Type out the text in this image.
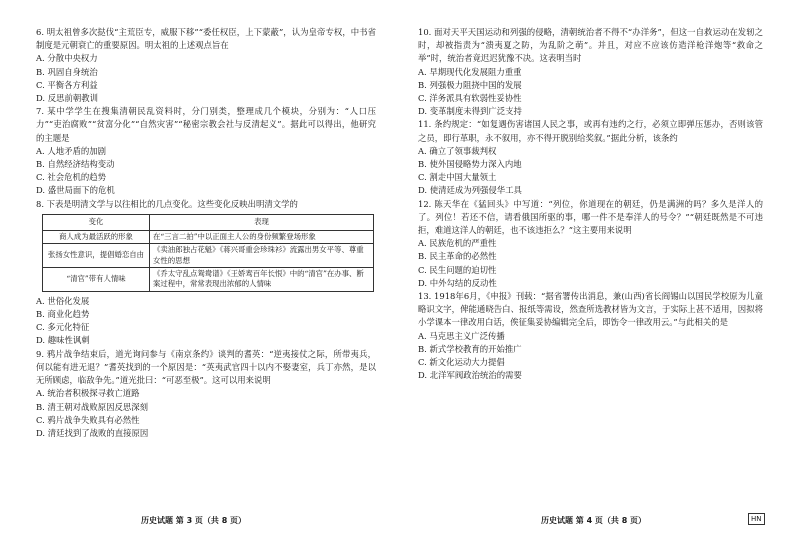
6. 明太祖曾多次挞伐“主荒臣专，威服下移”“委任权臣，上下蒙蔽”，认为皇帝专权，中书省制度是元朝衰亡的重要原因。明太祖的上述观点旨在

A. 分散中央权力

B. 巩固自身统治

C. 平衡各方利益

D. 反思前朝教训

7. 某中学学生在搜集清朝民乱资料时，分门别类，整理成几个模块，分别为：“人口压力”“吏治腐败”“贫富分化”“自然灾害”“秘密宗教会社与反清起义”。据此可以得出，他研究的主题是

A. 人地矛盾的加剧

B. 自然经济结构变动

C. 社会危机的趋势

D. 盛世局面下的危机

8. 下表是明清文学与以往相比的几点变化。这些变化反映出明清文学的

变化	表现
商人成为最活跃的形象	在“三言二拍”中以正面主人公的身份频繁登场形象
张扬女性意识，提倡婚恋自由	《卖油郎独占花魁》《蒋兴哥重会珍珠衫》流露出男女平等、尊重女性的思想
“清官”带有人情味	《乔太守乱点鸳鸯谱》《王娇鸾百年长恨》中的“清官”在办事、断案过程中，常常表现出浓郁的人情味

A. 世俗化发展

B. 商业化趋势

C. 多元化特征

D. 趣味性讽刺

9. 鸦片战争结束后，道光询问参与《南京条约》谈判的耆英：“逆夷接仗之际，所带夷兵，何以能有进无退？”耆英找到的一个原因是：“英夷武官四十以内不娶妻室，兵丁亦然，是以无所顾虑，临敌争先。”道光批曰：“可恶至极”。这可以用来说明

A. 统治者积极探寻救亡道路

B. 清王朝对战败原因反思深刻

C. 鸦片战争失败具有必然性

D. 清廷找到了战败的直接原因

10. 面对天平天国运动和列强的侵略，清朝统治者不得不“办洋务”，但这一自救运动在发轫之时，却被指责为“溃夷夏之防，为乱阶之萌”。并且，对应不应该仿造洋枪洋炮等“救命之举”时，统治者竟迟迟犹豫不决。这表明当时

A. 早期现代化发展阻力重重

B. 列强极力阻挠中国的发展

C. 洋务派具有软弱性妥协性

D. 变革制度未得到广泛支持

11. 条约规定：“如复遇伤害诸国人民之事，或再有违约之行，必须立即弹压惩办，否则该管之员，即行革职，永不叙用，亦不得开脱别给奖叙。”据此分析，该条约

A. 确立了领事裁判权

B. 使外国侵略势力深入内地

C. 割走中国大量领土

D. 使清廷成为列强侵华工具

12. 陈天华在《猛回头》中写道：“列位，你道现在的朝廷，仍是满洲的吗？多久是洋人的了。列位！若还不信，请看俄国所驱的事，哪一件不是奉洋人的号令？”“朝廷既然是不可违拒，难道这洋人的朝廷，也不该违拒么？”这主要用来说明

A. 民族危机的严重性

B. 民主革命的必然性

C. 民生问题的迫切性

D. 中外勾结的反动性

13. 1918年6月，《申报》刊载：“据省署传出消息，兼(山西)省长阎锡山以国民学校原为儿童略识文字，俾能通晓告白、报纸等需设，然查所选教材皆为文言，于实际上甚不适用，因拟将小学课本一律改用白话，俟征集妥协编辑完全后，即饬令一律改用云。”与此相关的是

A. 马克思主义广泛传播

B. 新式学校教育的开始推广

C. 新文化运动大力提倡

D. 北洋军阀政治统治的需要

历史试题 第 3 页（共 8 页）	历史试题 第 4 页（共 8 页）	HN
